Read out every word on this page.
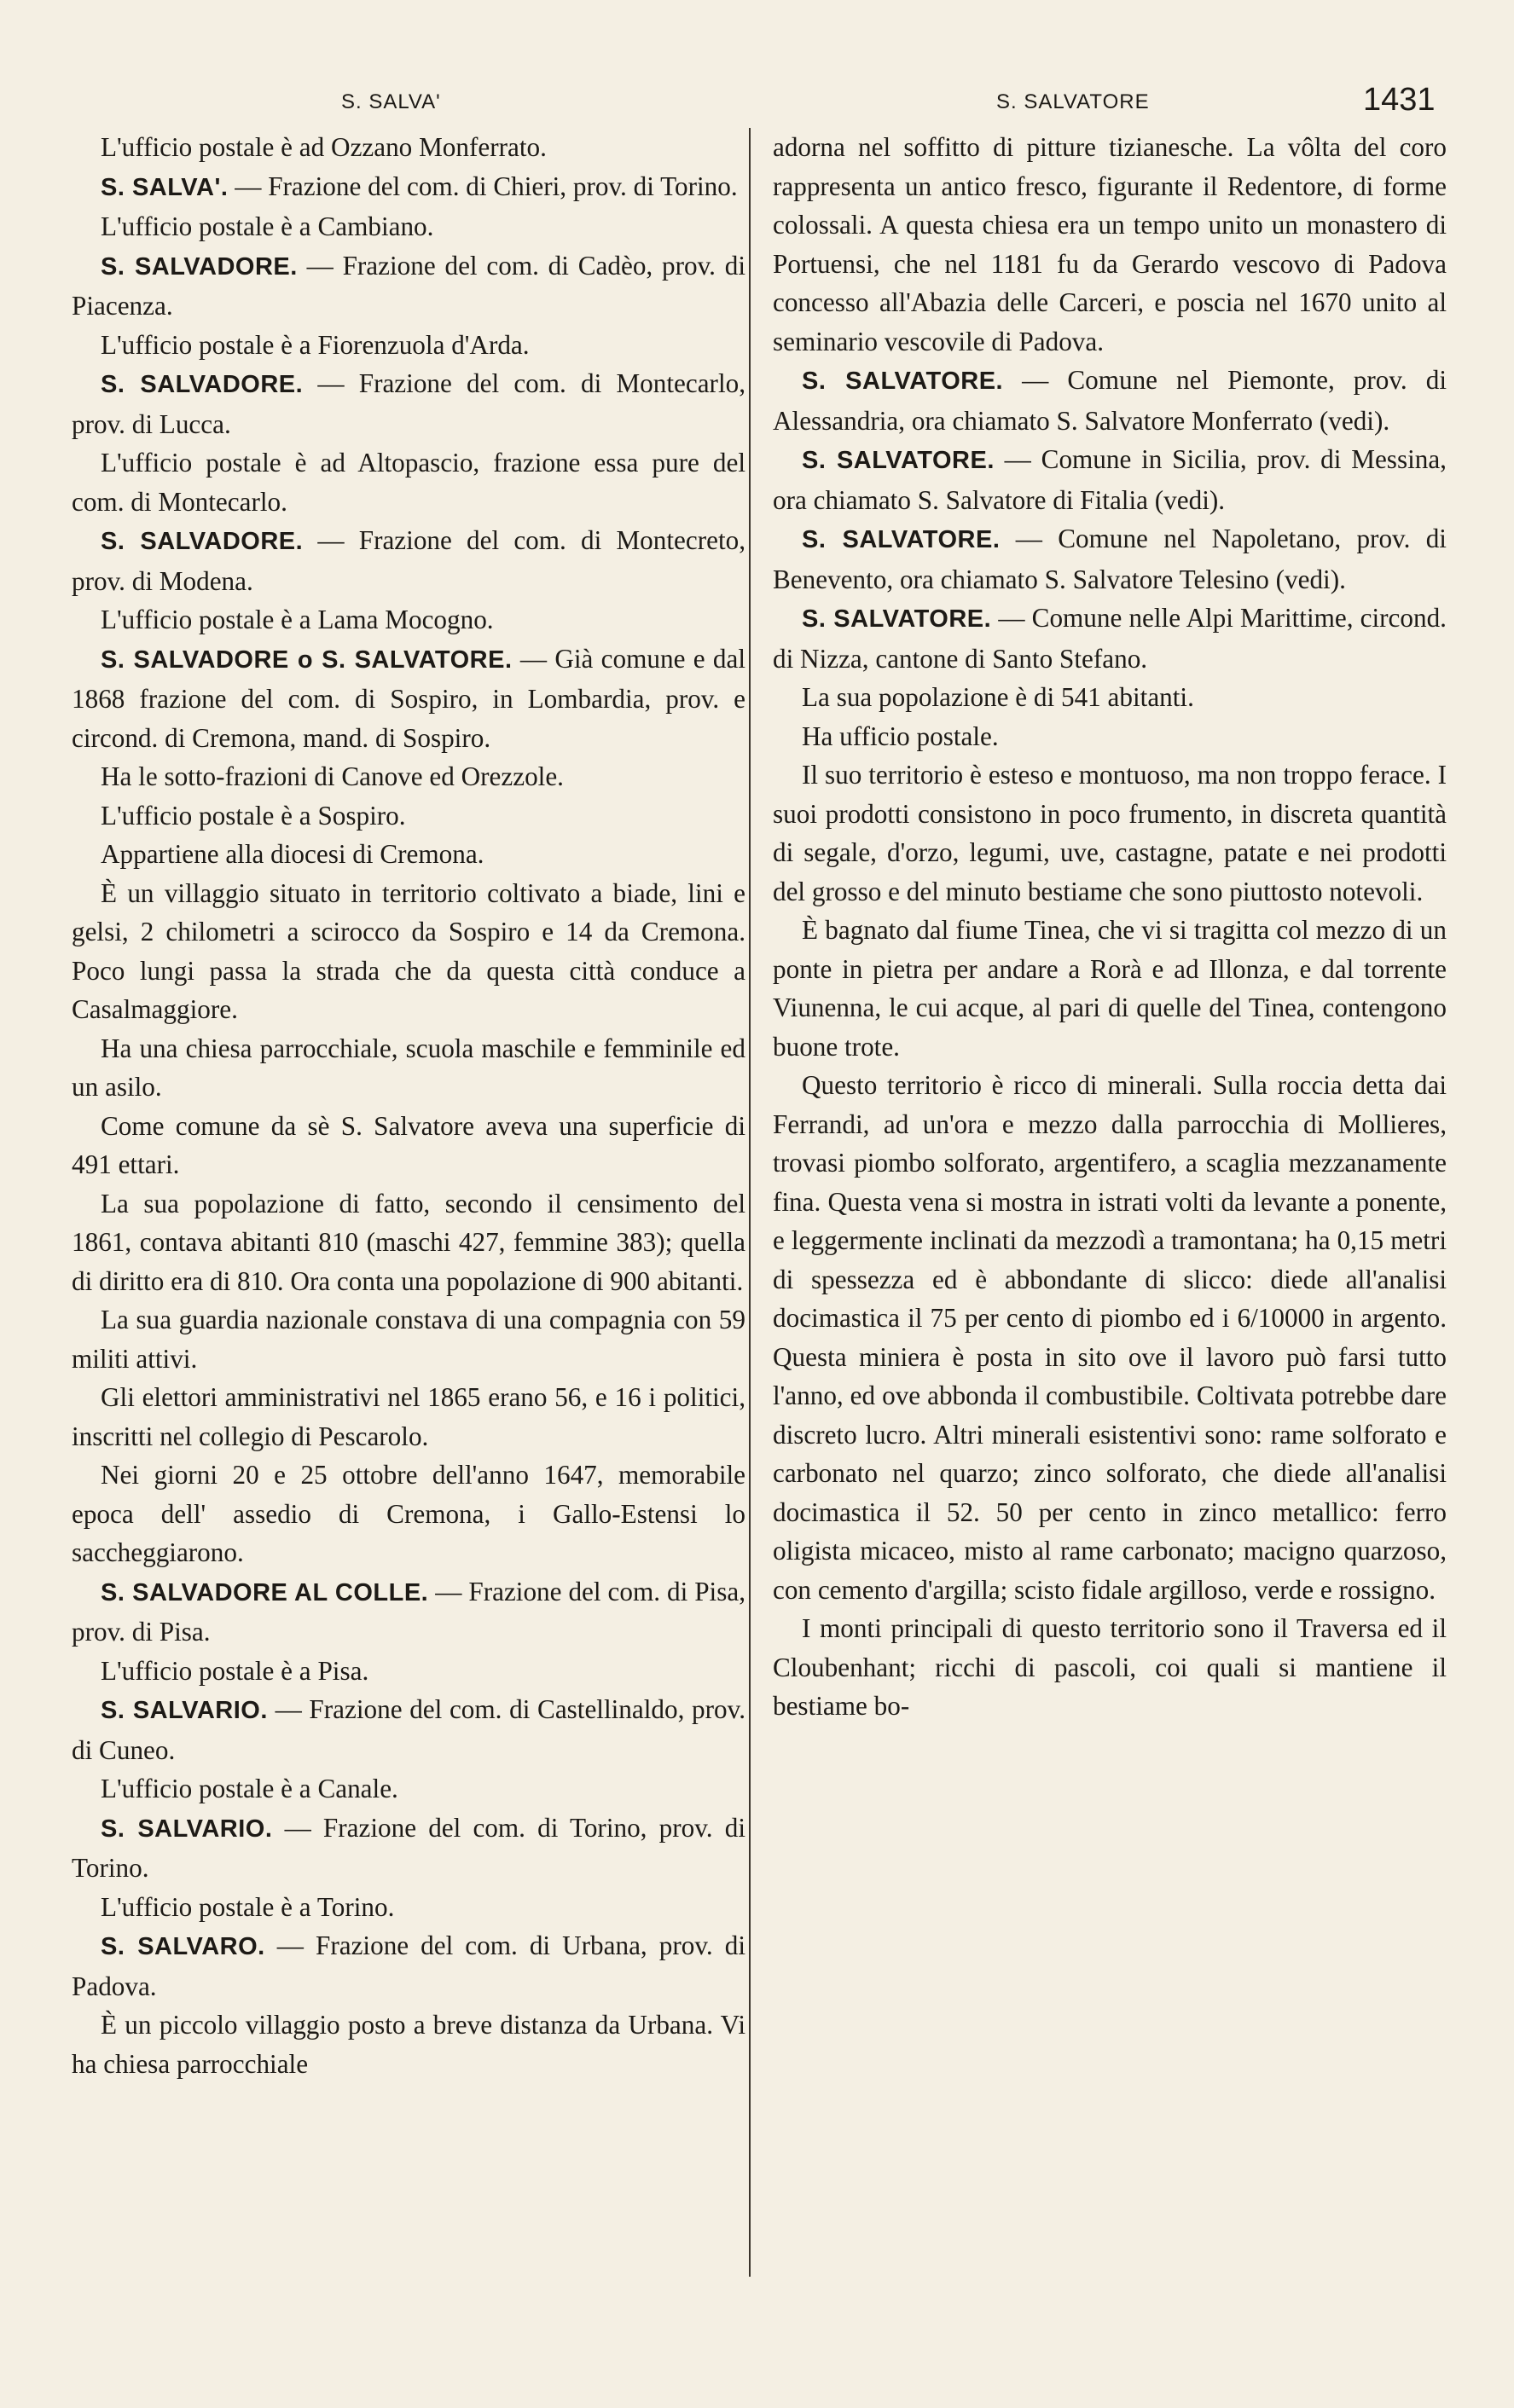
S. SALVA'	S. SALVATORE	1431

L'ufficio postale è ad Ozzano Monferrato.

S. SALVA'. — Frazione del com. di Chieri, prov. di Torino.

L'ufficio postale è a Cambiano.

S. SALVADORE. — Frazione del com. di Cadèo, prov. di Piacenza.

L'ufficio postale è a Fiorenzuola d'Arda.

S. SALVADORE. — Frazione del com. di Montecarlo, prov. di Lucca.

L'ufficio postale è ad Altopascio, frazione essa pure del com. di Montecarlo.

S. SALVADORE. — Frazione del com. di Montecreto, prov. di Modena.

L'ufficio postale è a Lama Mocogno.

S. SALVADORE o S. SALVATORE. — Già comune e dal 1868 frazione del com. di Sospiro, in Lombardia, prov. e circond. di Cremona, mand. di Sospiro.

Ha le sotto-frazioni di Canove ed Orezzole.

L'ufficio postale è a Sospiro.

Appartiene alla diocesi di Cremona.

È un villaggio situato in territorio coltivato a biade, lini e gelsi, 2 chilometri a scirocco da Sospiro e 14 da Cremona. Poco lungi passa la strada che da questa città conduce a Casalmaggiore.

Ha una chiesa parrocchiale, scuola maschile e femminile ed un asilo.

Come comune da sè S. Salvatore aveva una superficie di 491 ettari.

La sua popolazione di fatto, secondo il censimento del 1861, contava abitanti 810 (maschi 427, femmine 383); quella di diritto era di 810. Ora conta una popolazione di 900 abitanti.

La sua guardia nazionale constava di una compagnia con 59 militi attivi.

Gli elettori amministrativi nel 1865 erano 56, e 16 i politici, inscritti nel collegio di Pescarolo.

Nei giorni 20 e 25 ottobre dell'anno 1647, memorabile epoca dell' assedio di Cremona, i Gallo-Estensi lo saccheggiarono.

S. SALVADORE AL COLLE. — Frazione del com. di Pisa, prov. di Pisa.

L'ufficio postale è a Pisa.

S. SALVARIO. — Frazione del com. di Castellinaldo, prov. di Cuneo.

L'ufficio postale è a Canale.

S. SALVARIO. — Frazione del com. di Torino, prov. di Torino.

L'ufficio postale è a Torino.

S. SALVARO. — Frazione del com. di Urbana, prov. di Padova.

È un piccolo villaggio posto a breve distanza da Urbana. Vi ha chiesa parrocchiale

adorna nel soffitto di pitture tizianesche. La vôlta del coro rappresenta un antico fresco, figurante il Redentore, di forme colossali. A questa chiesa era un tempo unito un monastero di Portuensi, che nel 1181 fu da Gerardo vescovo di Padova concesso all'Abazia delle Carceri, e poscia nel 1670 unito al seminario vescovile di Padova.

S. SALVATORE. — Comune nel Piemonte, prov. di Alessandria, ora chiamato S. Salvatore Monferrato (vedi).

S. SALVATORE. — Comune in Sicilia, prov. di Messina, ora chiamato S. Salvatore di Fitalia (vedi).

S. SALVATORE. — Comune nel Napoletano, prov. di Benevento, ora chiamato S. Salvatore Telesino (vedi).

S. SALVATORE. — Comune nelle Alpi Marittime, circond. di Nizza, cantone di Santo Stefano.

La sua popolazione è di 541 abitanti.

Ha ufficio postale.

Il suo territorio è esteso e montuoso, ma non troppo ferace. I suoi prodotti consistono in poco frumento, in discreta quantità di segale, d'orzo, legumi, uve, castagne, patate e nei prodotti del grosso e del minuto bestiame che sono piuttosto notevoli.

È bagnato dal fiume Tinea, che vi si tragitta col mezzo di un ponte in pietra per andare a Rorà e ad Illonza, e dal torrente Viunenna, le cui acque, al pari di quelle del Tinea, contengono buone trote.

Questo territorio è ricco di minerali. Sulla roccia detta dai Ferrandi, ad un'ora e mezzo dalla parrocchia di Mollieres, trovasi piombo solforato, argentifero, a scaglia mezzanamente fina. Questa vena si mostra in istrati volti da levante a ponente, e leggermente inclinati da mezzodì a tramontana; ha 0,15 metri di spessezza ed è abbondante di slicco: diede all'analisi docimastica il 75 per cento di piombo ed i 6/10000 in argento. Questa miniera è posta in sito ove il lavoro può farsi tutto l'anno, ed ove abbonda il combustibile. Coltivata potrebbe dare discreto lucro. Altri minerali esistentivi sono: rame solforato e carbonato nel quarzo; zinco solforato, che diede all'analisi docimastica il 52. 50 per cento in zinco metallico: ferro oligista micaceo, misto al rame carbonato; macigno quarzoso, con cemento d'argilla; scisto fidale argilloso, verde e rossigno.

I monti principali di questo territorio sono il Traversa ed il Cloubenhant; ricchi di pascoli, coi quali si mantiene il bestiame bo-
